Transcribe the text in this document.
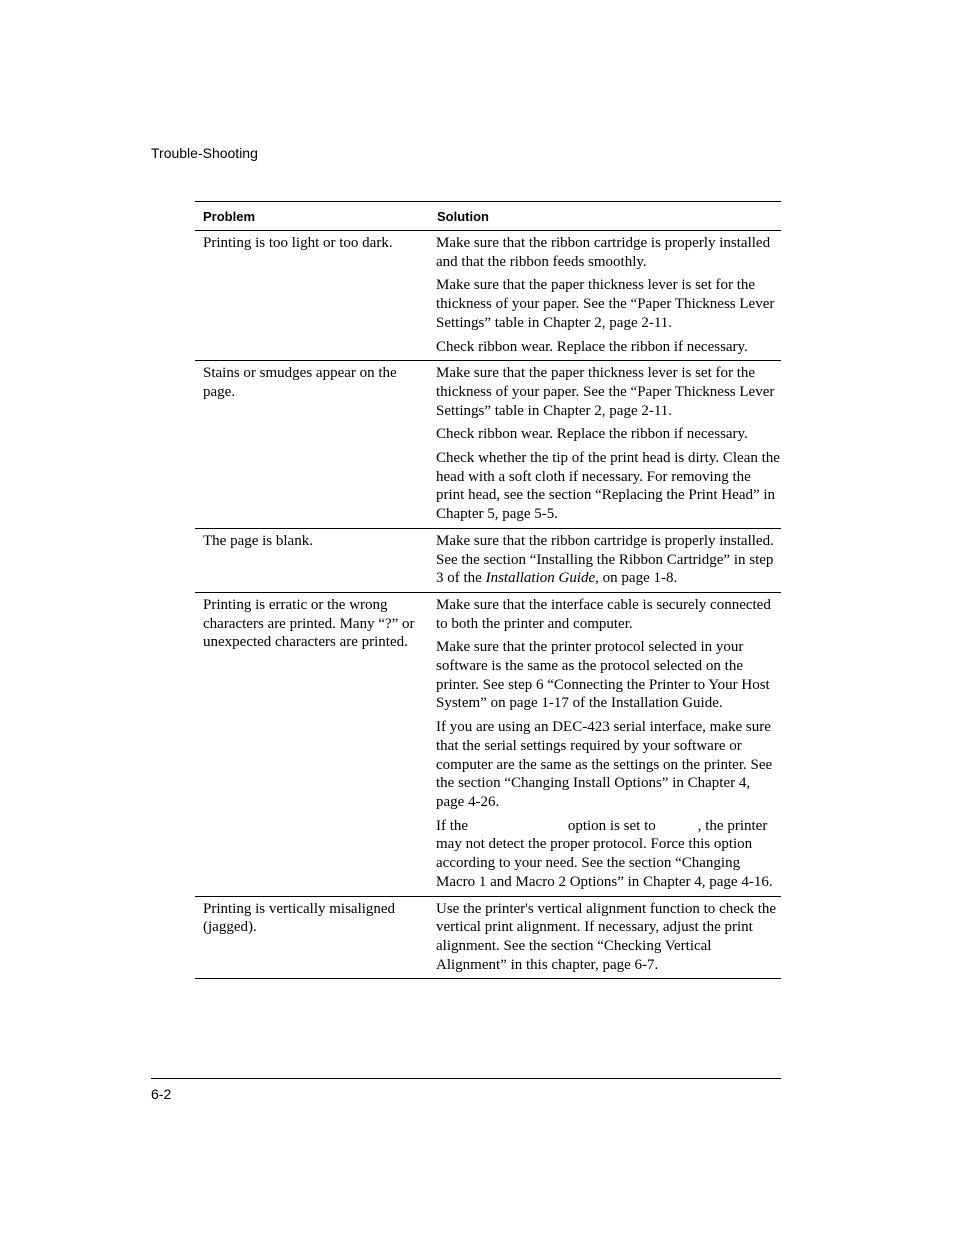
Trouble-Shooting
Problem	Solution
Printing is too light or too dark.	Make sure that the ribbon cartridge is properly installed and that the ribbon feeds smoothly.
Make sure that the paper thickness lever is set for the thickness of your paper. See the “Paper Thickness Lever Settings” table in Chapter 2, page 2-11.
Check ribbon wear. Replace the ribbon if necessary.

Stains or smudges appear on the page.	Make sure that the paper thickness lever is set for the thickness of your paper. See the “Paper Thickness Lever Settings” table in Chapter 2, page 2-11.
Check ribbon wear. Replace the ribbon if necessary.
Check whether the tip of the print head is dirty. Clean the head with a soft cloth if necessary. For removing the print head, see the section “Replacing the Print Head” in Chapter 5, page 5-5.

The page is blank.	Make sure that the ribbon cartridge is properly installed. See the section “Installing the Ribbon Cartridge” in step 3 of the Installation Guide, on page 1-8.

Printing is erratic or the wrong characters are printed. Many “?” or unexpected characters are printed.	Make sure that the interface cable is securely connected to both the printer and computer.
Make sure that the printer protocol selected in your software is the same as the protocol selected on the printer. See step 6 “Connecting the Printer to Your Host System” on page 1-17 of the Installation Guide.
If you are using an DEC-423 serial interface, make sure that the serial settings required by your software or computer are the same as the settings on the printer. See the section “Changing Install Options” in Chapter 4, page 4-26.
If the option is set to , the printer may not detect the proper protocol. Force this option according to your need. See the section “Changing Macro 1 and Macro 2 Options” in Chapter 4, page 4-16.

Printing is vertically misaligned (jagged).	Use the printer's vertical alignment function to check the vertical print alignment. If necessary, adjust the print alignment. See the section “Checking Vertical Alignment” in this chapter, page 6-7.
6-2
